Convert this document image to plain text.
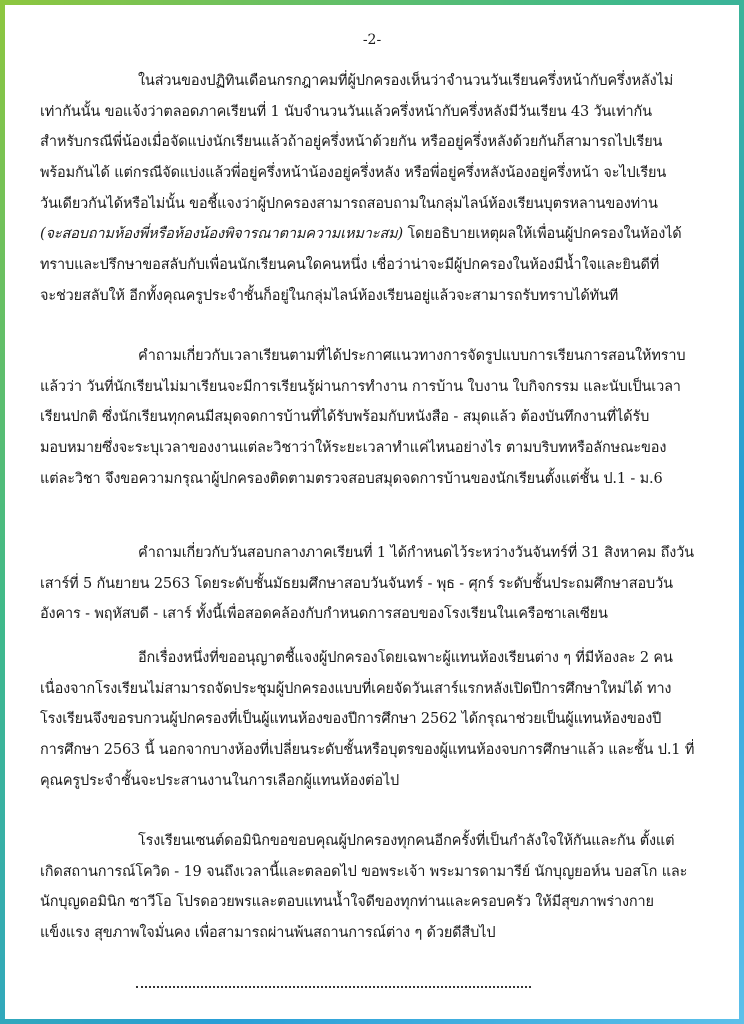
-2-
ในส่วนของปฏิทินเดือนกรกฎาคมที่ผู้ปกครองเห็นว่าจำนวนวันเรียนครึ่งหน้ากับครึ่งหลังไม่
เท่ากันนั้น ขอแจ้งว่าตลอดภาคเรียนที่ 1 นับจำนวนวันแล้วครึ่งหน้ากับครึ่งหลังมีวันเรียน 43 วันเท่ากัน
สำหรับกรณีพี่น้องเมื่อจัดแบ่งนักเรียนแล้วถ้าอยู่ครึ่งหน้าด้วยกัน หรืออยู่ครึ่งหลังด้วยกันก็สามารถไปเรียน
พร้อมกันได้ แต่กรณีจัดแบ่งแล้วพี่อยู่ครึ่งหน้าน้องอยู่ครึ่งหลัง หรือพี่อยู่ครึ่งหลังน้องอยู่ครึ่งหน้า จะไปเรียน
วันเดียวกันได้หรือไม่นั้น ขอชี้แจงว่าผู้ปกครองสามารถสอบถามในกลุ่มไลน์ห้องเรียนบุตรหลานของท่าน
(จะสอบถามห้องพี่หรือห้องน้องพิจารณาตามความเหมาะสม) โดยอธิบายเหตุผลให้เพื่อนผู้ปกครองในห้องได้
ทราบและปรึกษาขอสลับกับเพื่อนนักเรียนคนใดคนหนึ่ง เชื่อว่าน่าจะมีผู้ปกครองในห้องมีน้ำใจและยินดีที่
จะช่วยสลับให้ อีกทั้งคุณครูประจำชั้นก็อยู่ในกลุ่มไลน์ห้องเรียนอยู่แล้วจะสามารถรับทราบได้ทันที
คำถามเกี่ยวกับเวลาเรียนตามที่ได้ประกาศแนวทางการจัดรูปแบบการเรียนการสอนให้ทราบ
แล้วว่า วันที่นักเรียนไม่มาเรียนจะมีการเรียนรู้ผ่านการทำงาน การบ้าน ใบงาน ใบกิจกรรม และนับเป็นเวลา
เรียนปกติ ซึ่งนักเรียนทุกคนมีสมุดจดการบ้านที่ได้รับพร้อมกับหนังสือ - สมุดแล้ว ต้องบันทึกงานที่ได้รับ
มอบหมายซึ่งจะระบุเวลาของงานแต่ละวิชาว่าให้ระยะเวลาทำแค่ไหนอย่างไร ตามบริบทหรือลักษณะของ
แต่ละวิชา จึงขอความกรุณาผู้ปกครองติดตามตรวจสอบสมุดจดการบ้านของนักเรียนตั้งแต่ชั้น ป.1 - ม.6
คำถามเกี่ยวกับวันสอบกลางภาคเรียนที่ 1 ได้กำหนดไว้ระหว่างวันจันทร์ที่ 31 สิงหาคม ถึงวัน
เสาร์ที่ 5 กันยายน 2563 โดยระดับชั้นมัธยมศึกษาสอบวันจันทร์ - พุธ - ศุกร์ ระดับชั้นประถมศึกษาสอบวัน
อังคาร - พฤหัสบดี - เสาร์ ทั้งนี้เพื่อสอดคล้องกับกำหนดการสอบของโรงเรียนในเครือซาเลเซียน
อีกเรื่องหนึ่งที่ขออนุญาตชี้แจงผู้ปกครองโดยเฉพาะผู้แทนห้องเรียนต่าง ๆ ที่มีห้องละ 2 คน
เนื่องจากโรงเรียนไม่สามารถจัดประชุมผู้ปกครองแบบที่เคยจัดวันเสาร์แรกหลังเปิดปีการศึกษาใหม่ได้ ทาง
โรงเรียนจึงขอรบกวนผู้ปกครองที่เป็นผู้แทนห้องของปีการศึกษา 2562 ได้กรุณาช่วยเป็นผู้แทนห้องของปี
การศึกษา 2563 นี้ นอกจากบางห้องที่เปลี่ยนระดับชั้นหรือบุตรของผู้แทนห้องจบการศึกษาแล้ว และชั้น ป.1 ที่
คุณครูประจำชั้นจะประสานงานในการเลือกผู้แทนห้องต่อไป
โรงเรียนเซนต์ดอมินิกขอขอบคุณผู้ปกครองทุกคนอีกครั้งที่เป็นกำลังใจให้กันและกัน ตั้งแต่
เกิดสถานการณ์โควิด - 19 จนถึงเวลานี้และตลอดไป ขอพระเจ้า พระมารดามารีย์ นักบุญยอห์น บอสโก และ
นักบุญดอมินิก ซาวีโอ โปรดอวยพรและตอบแทนน้ำใจดีของทุกท่านและครอบครัว ให้มีสุขภาพร่างกาย
แข็งแรง สุขภาพใจมั่นคง เพื่อสามารถผ่านพ้นสถานการณ์ต่าง ๆ ด้วยดีสืบไป
